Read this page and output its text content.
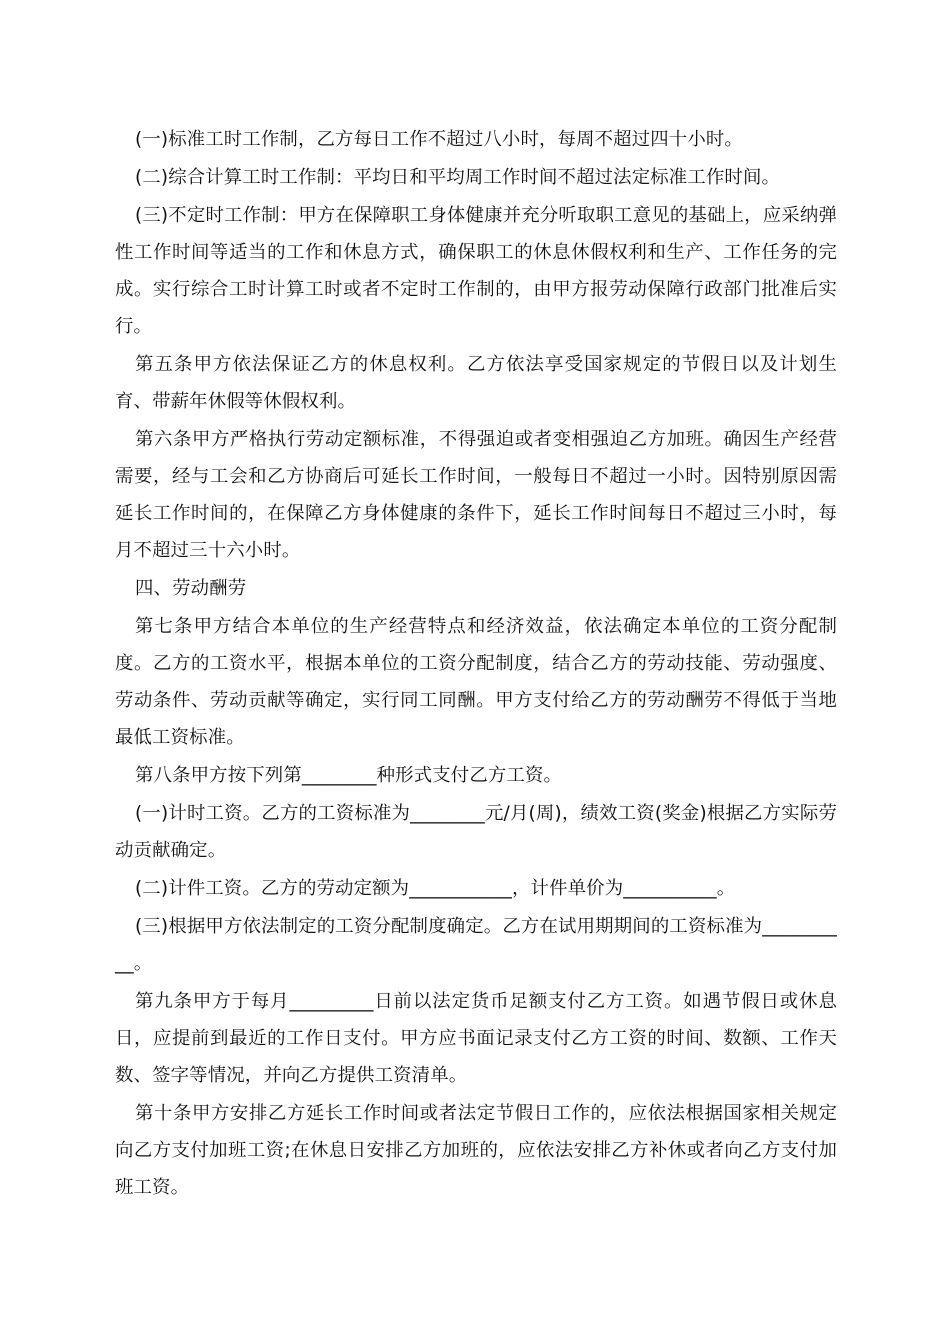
(一)标准工时工作制，乙方每日工作不超过八小时，每周不超过四十小时。

(二)综合计算工时工作制：平均日和平均周工作时间不超过法定标准工作时间。

(三)不定时工作制：甲方在保障职工身体健康并充分听取职工意见的基础上，应采纳弹性工作时间等适当的工作和休息方式，确保职工的休息休假权利和生产、工作任务的完成。实行综合工时计算工时或者不定时工作制的，由甲方报劳动保障行政部门批准后实行。

第五条甲方依法保证乙方的休息权利。乙方依法享受国家规定的节假日以及计划生育、带薪年休假等休假权利。

第六条甲方严格执行劳动定额标准，不得强迫或者变相强迫乙方加班。确因生产经营需要，经与工会和乙方协商后可延长工作时间，一般每日不超过一小时。因特别原因需延长工作时间的，在保障乙方身体健康的条件下，延长工作时间每日不超过三小时，每月不超过三十六小时。

四、劳动酬劳

第七条甲方结合本单位的生产经营特点和经济效益，依法确定本单位的工资分配制度。乙方的工资水平，根据本单位的工资分配制度，结合乙方的劳动技能、劳动强度、劳动条件、劳动贡献等确定，实行同工同酬。甲方支付给乙方的劳动酬劳不得低于当地最低工资标准。

第八条甲方按下列第________种形式支付乙方工资。

(一)计时工资。乙方的工资标准为________元/月(周)，绩效工资(奖金)根据乙方实际劳动贡献确定。

(二)计件工资。乙方的劳动定额为___________，计件单价为__________。

(三)根据甲方依法制定的工资分配制度确定。乙方在试用期期间的工资标准为__________。

第九条甲方于每月_________日前以法定货币足额支付乙方工资。如遇节假日或休息日，应提前到最近的工作日支付。甲方应书面记录支付乙方工资的时间、数额、工作天数、签字等情况，并向乙方提供工资清单。

第十条甲方安排乙方延长工作时间或者法定节假日工作的，应依法根据国家相关规定向乙方支付加班工资;在休息日安排乙方加班的，应依法安排乙方补休或者向乙方支付加班工资。
